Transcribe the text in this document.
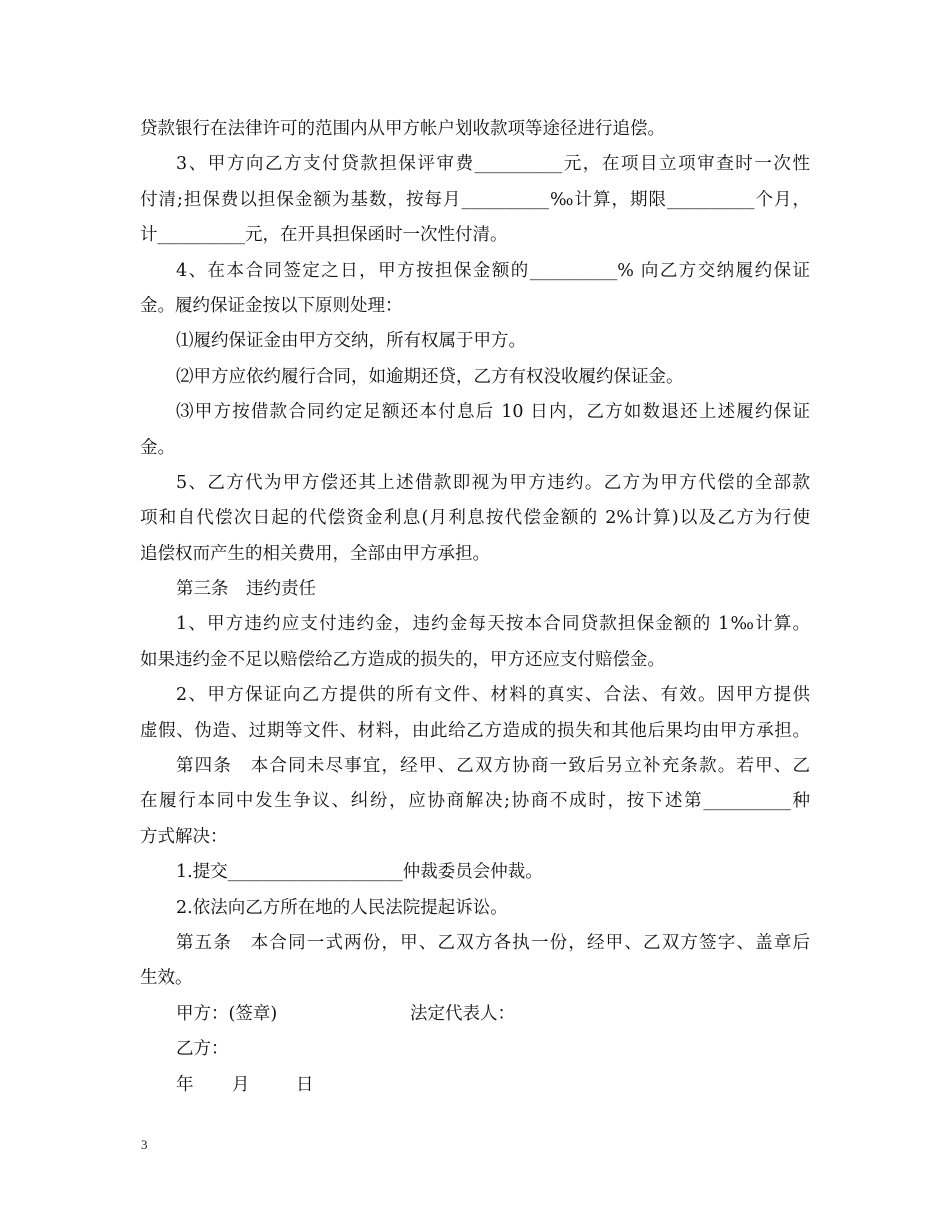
贷款银行在法律许可的范围内从甲方帐户划收款项等途径进行追偿。
3、甲方向乙方支付贷款担保评审费__________元，在项目立项审查时一次性
付清;担保费以担保金额为基数，按每月__________‰计算，期限__________个月，
计__________元，在开具担保函时一次性付清。
4、在本合同签定之日，甲方按担保金额的__________% 向乙方交纳履约保证
金。履约保证金按以下原则处理：
⑴履约保证金由甲方交纳，所有权属于甲方。
⑵甲方应依约履行合同，如逾期还贷，乙方有权没收履约保证金。
⑶甲方按借款合同约定足额还本付息后 10 日内，乙方如数退还上述履约保证
金。
5、乙方代为甲方偿还其上述借款即视为甲方违约。乙方为甲方代偿的全部款
项和自代偿次日起的代偿资金利息(月利息按代偿金额的 2%计算)以及乙方为行使
追偿权而产生的相关费用，全部由甲方承担。
第三条　违约责任
1、甲方违约应支付违约金，违约金每天按本合同贷款担保金额的 1‰计算。
如果违约金不足以赔偿给乙方造成的损失的，甲方还应支付赔偿金。
2、甲方保证向乙方提供的所有文件、材料的真实、合法、有效。因甲方提供
虚假、伪造、过期等文件、材料，由此给乙方造成的损失和其他后果均由甲方承担。
第四条　本合同未尽事宜，经甲、乙双方协商一致后另立补充条款。若甲、乙
在履行本同中发生争议、纠纷，应协商解决;协商不成时，按下述第__________种
方式解决：
1.提交____________________仲裁委员会仲裁。
2.依法向乙方所在地的人民法院提起诉讼。
第五条　本合同一式两份，甲、乙双方各执一份，经甲、乙双方签字、盖章后
生效。
甲方：(签章)	法定代表人：
乙方：
年 月	日
3
